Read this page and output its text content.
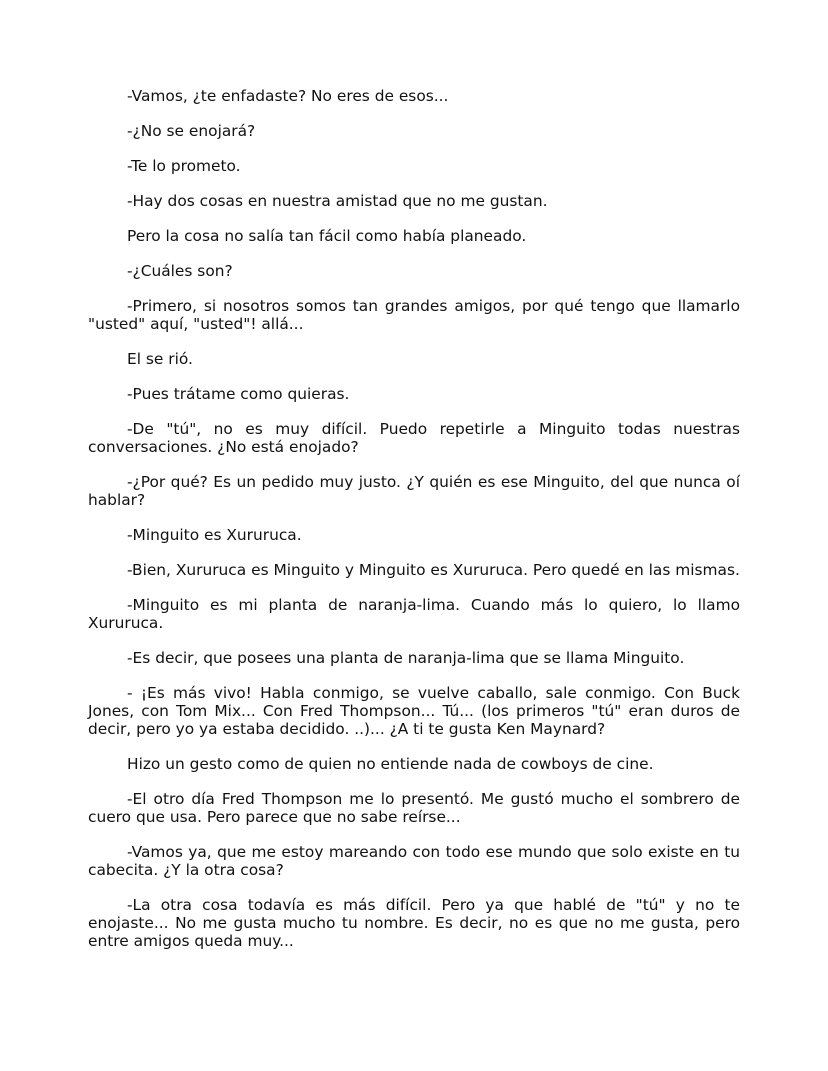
-Vamos, ¿te enfadaste? No eres de esos...

-¿No se enojará?

-Te lo prometo.

-Hay dos cosas en nuestra amistad que no me gustan.

Pero la cosa no salía tan fácil como había planeado.

-¿Cuáles son?

-Primero, si nosotros somos tan grandes amigos, por qué tengo que llamarlo "usted" aquí, "usted"! allá...

El se rió.

-Pues trátame como quieras.

-De "tú", no es muy difícil. Puedo repetirle a Minguito todas nuestras conversaciones. ¿No está enojado?

-¿Por qué? Es un pedido muy justo. ¿Y quién es ese Minguito, del que nunca oí hablar?

-Minguito es Xururuca.

-Bien, Xururuca es Minguito y Minguito es Xururuca. Pero quedé en las mismas.

-Minguito es mi planta de naranja-lima. Cuando más lo quiero, lo llamo Xururuca.

-Es decir, que posees una planta de naranja-lima que se llama Minguito.

- ¡Es más vivo! Habla conmigo, se vuelve caballo, sale conmigo. Con Buck Jones, con Tom Mix... Con Fred Thompson... Tú... (los primeros "tú" eran duros de decir, pero yo ya estaba decidido. ..)... ¿A ti te gusta Ken Maynard?

Hizo un gesto como de quien no entiende nada de cowboys de cine.

-El otro día Fred Thompson me lo presentó. Me gustó mucho el sombrero de cuero que usa. Pero parece que no sabe reírse...

-Vamos ya, que me estoy mareando con todo ese mundo que solo existe en tu cabecita. ¿Y la otra cosa?

-La otra cosa todavía es más difícil. Pero ya que hablé de "tú" y no te enojaste... No me gusta mucho tu nombre. Es decir, no es que no me gusta, pero entre amigos queda muy...
